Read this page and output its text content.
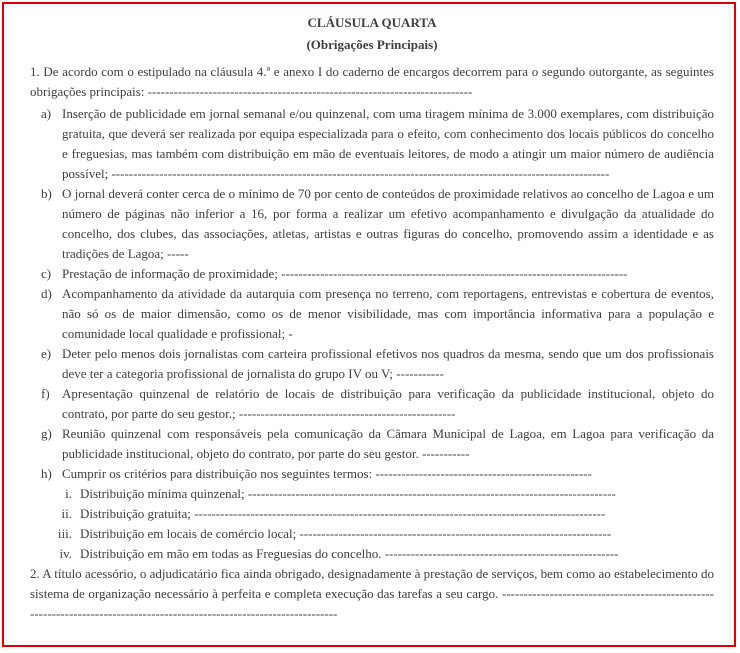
CLÁUSULA QUARTA
(Obrigações Principais)
1. De acordo com o estipulado na cláusula 4.ª e anexo I do caderno de encargos decorrem para o segundo outorgante, as seguintes obrigações principais: ---------------------------------------------------------------------------
a) Inserção de publicidade em jornal semanal e/ou quinzenal, com uma tiragem mínima de 3.000 exemplares, com distribuição gratuita, que deverá ser realizada por equipa especializada para o efeito, com conhecimento dos locais públicos do concelho e freguesias, mas também com distribuição em mão de eventuais leitores, de modo a atingir um maior número de audiência possível; -------------------------------------------------------------------------------------------------------------------
b) O jornal deverá conter cerca de o mínimo de 70 por cento de conteúdos de proximidade relativos ao concelho de Lagoa e um número de páginas não inferior a 16, por forma a realizar um efetivo acompanhamento e divulgação da atualidade do concelho, dos clubes, das associações, atletas, artistas e outras figuras do concelho, promovendo assim a identidade e as tradições de Lagoa; -----
c) Prestação de informação de proximidade; --------------------------------------------------------------------------------
d) Acompanhamento da atividade da autarquia com presença no terreno, com reportagens, entrevistas e cobertura de eventos, não só os de maior dimensão, como os de menor visibilidade, mas com importância informativa para a população e comunidade local qualidade e profissional; -
e) Deter pelo menos dois jornalistas com carteira profissional efetivos nos quadros da mesma, sendo que um dos profissionais deve ter a categoria profissional de jornalista do grupo IV ou V; -----------
f) Apresentação quinzenal de relatório de locais de distribuição para verificação da publicidade institucional, objeto do contrato, por parte do seu gestor.; --------------------------------------------------
g) Reunião quinzenal com responsáveis pela comunicação da Câmara Municipal de Lagoa, em Lagoa para verificação da publicidade institucional, objeto do contrato, por parte do seu gestor. -----------
h) Cumprir os critérios para distribuição nos seguintes termos: --------------------------------------------------
i. Distribuição mínima quinzenal; -------------------------------------------------------------------------------------
ii. Distribuição gratuita; -----------------------------------------------------------------------------------------------
iii. Distribuição em locais de comércio local; ------------------------------------------------------------------------
iv. Distribuição em mão em todas as Freguesias do concelho. ------------------------------------------------------
2. A título acessório, o adjudicatário fica ainda obrigado, designadamente à prestação de serviços, bem como ao estabelecimento do sistema de organização necessário à perfeita e completa execução das tarefas a seu cargo. ------------------------------------------------------------------------------------------------------------------------
